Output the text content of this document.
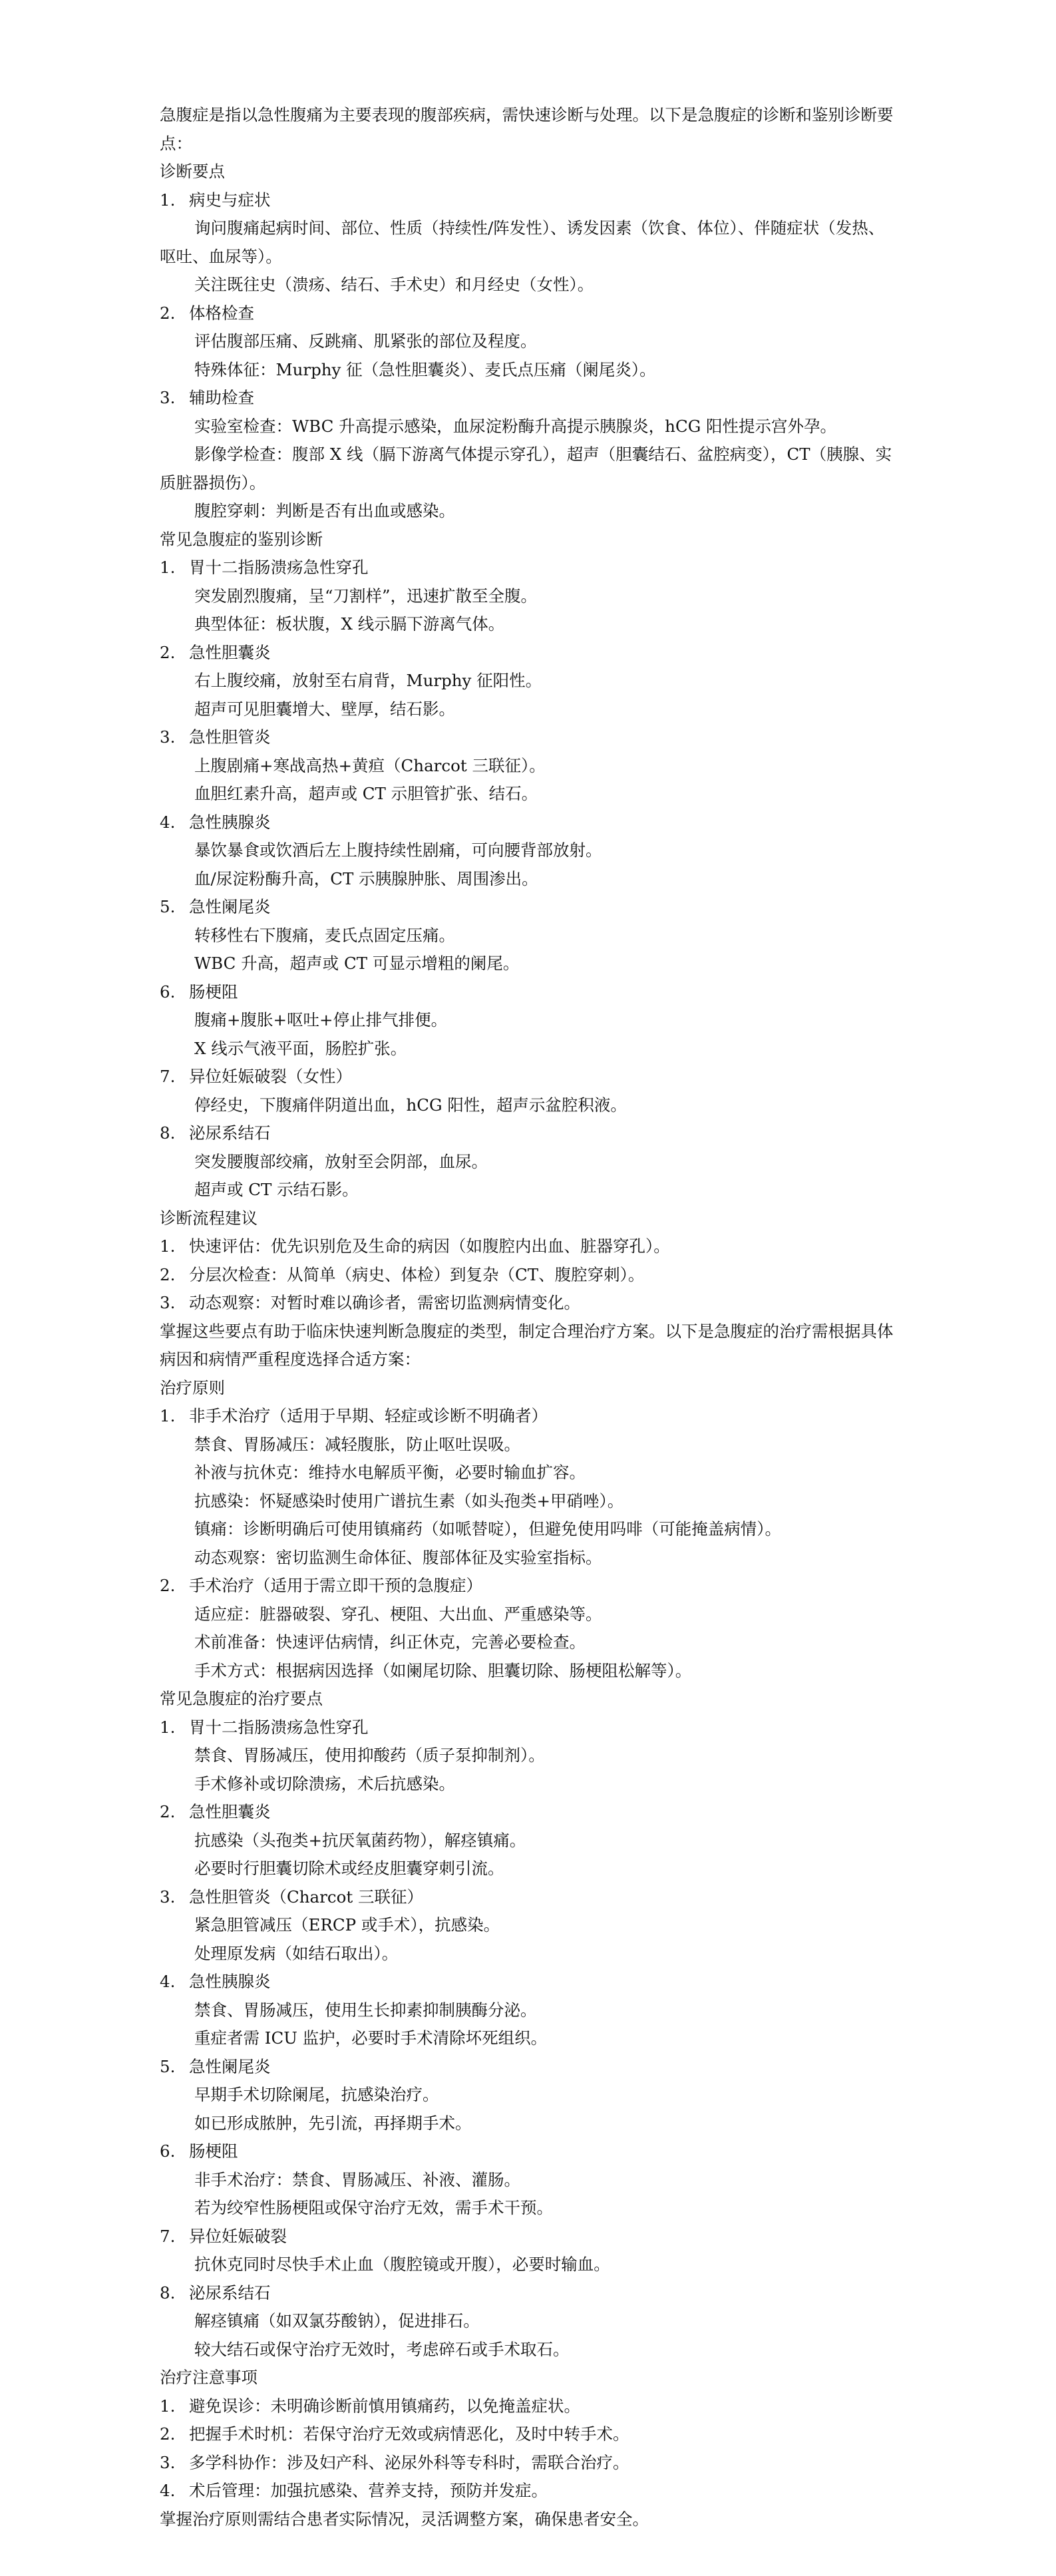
急腹症是指以急性腹痛为主要表现的腹部疾病，需快速诊断与处理。以下是急腹症的诊断和鉴别诊断要点：

诊断要点

1. 病史与症状

询问腹痛起病时间、部位、性质（持续性/阵发性）、诱发因素（饮食、体位）、伴随症状（发热、呕吐、血尿等）。

关注既往史（溃疡、结石、手术史）和月经史（女性）。

2. 体格检查

评估腹部压痛、反跳痛、肌紧张的部位及程度。

特殊体征：Murphy 征（急性胆囊炎）、麦氏点压痛（阑尾炎）。

3. 辅助检查

实验室检查：WBC 升高提示感染，血尿淀粉酶升高提示胰腺炎，hCG 阳性提示宫外孕。

影像学检查：腹部 X 线（膈下游离气体提示穿孔），超声（胆囊结石、盆腔病变），CT（胰腺、实质脏器损伤）。

腹腔穿刺：判断是否有出血或感染。

常见急腹症的鉴别诊断

1. 胃十二指肠溃疡急性穿孔

突发剧烈腹痛，呈“刀割样”，迅速扩散至全腹。

典型体征：板状腹，X 线示膈下游离气体。

2. 急性胆囊炎

右上腹绞痛，放射至右肩背，Murphy 征阳性。

超声可见胆囊增大、壁厚，结石影。

3. 急性胆管炎

上腹剧痛+寒战高热+黄疸（Charcot 三联征）。

血胆红素升高，超声或 CT 示胆管扩张、结石。

4. 急性胰腺炎

暴饮暴食或饮酒后左上腹持续性剧痛，可向腰背部放射。

血/尿淀粉酶升高，CT 示胰腺肿胀、周围渗出。

5. 急性阑尾炎

转移性右下腹痛，麦氏点固定压痛。

WBC 升高，超声或 CT 可显示增粗的阑尾。

6. 肠梗阻

腹痛+腹胀+呕吐+停止排气排便。

X 线示气液平面，肠腔扩张。

7. 异位妊娠破裂（女性）

停经史，下腹痛伴阴道出血，hCG 阳性，超声示盆腔积液。

8. 泌尿系结石

突发腰腹部绞痛，放射至会阴部，血尿。

超声或 CT 示结石影。

诊断流程建议

1. 快速评估：优先识别危及生命的病因（如腹腔内出血、脏器穿孔）。
2. 分层次检查：从简单（病史、体检）到复杂（CT、腹腔穿刺）。
3. 动态观察：对暂时难以确诊者，需密切监测病情变化。

掌握这些要点有助于临床快速判断急腹症的类型，制定合理治疗方案。以下是急腹症的治疗需根据具体病因和病情严重程度选择合适方案：

治疗原则

1. 非手术治疗（适用于早期、轻症或诊断不明确者）

禁食、胃肠减压：减轻腹胀，防止呕吐误吸。

补液与抗休克：维持水电解质平衡，必要时输血扩容。

抗感染：怀疑感染时使用广谱抗生素（如头孢类+甲硝唑）。

镇痛：诊断明确后可使用镇痛药（如哌替啶），但避免使用吗啡（可能掩盖病情）。

动态观察：密切监测生命体征、腹部体征及实验室指标。

2. 手术治疗（适用于需立即干预的急腹症）

适应症：脏器破裂、穿孔、梗阻、大出血、严重感染等。

术前准备：快速评估病情，纠正休克，完善必要检查。

手术方式：根据病因选择（如阑尾切除、胆囊切除、肠梗阻松解等）。

常见急腹症的治疗要点

1. 胃十二指肠溃疡急性穿孔

禁食、胃肠减压，使用抑酸药（质子泵抑制剂）。

手术修补或切除溃疡，术后抗感染。

2. 急性胆囊炎

抗感染（头孢类+抗厌氧菌药物），解痉镇痛。

必要时行胆囊切除术或经皮胆囊穿刺引流。

3. 急性胆管炎（Charcot 三联征）

紧急胆管减压（ERCP 或手术），抗感染。

处理原发病（如结石取出）。

4. 急性胰腺炎

禁食、胃肠减压，使用生长抑素抑制胰酶分泌。

重症者需 ICU 监护，必要时手术清除坏死组织。

5. 急性阑尾炎

早期手术切除阑尾，抗感染治疗。

如已形成脓肿，先引流，再择期手术。

6. 肠梗阻

非手术治疗：禁食、胃肠减压、补液、灌肠。

若为绞窄性肠梗阻或保守治疗无效，需手术干预。

7. 异位妊娠破裂

抗休克同时尽快手术止血（腹腔镜或开腹），必要时输血。

8. 泌尿系结石

解痉镇痛（如双氯芬酸钠），促进排石。

较大结石或保守治疗无效时，考虑碎石或手术取石。

治疗注意事项

1. 避免误诊：未明确诊断前慎用镇痛药，以免掩盖症状。
2. 把握手术时机：若保守治疗无效或病情恶化，及时中转手术。
3. 多学科协作：涉及妇产科、泌尿外科等专科时，需联合治疗。
4. 术后管理：加强抗感染、营养支持，预防并发症。

掌握治疗原则需结合患者实际情况，灵活调整方案，确保患者安全。
